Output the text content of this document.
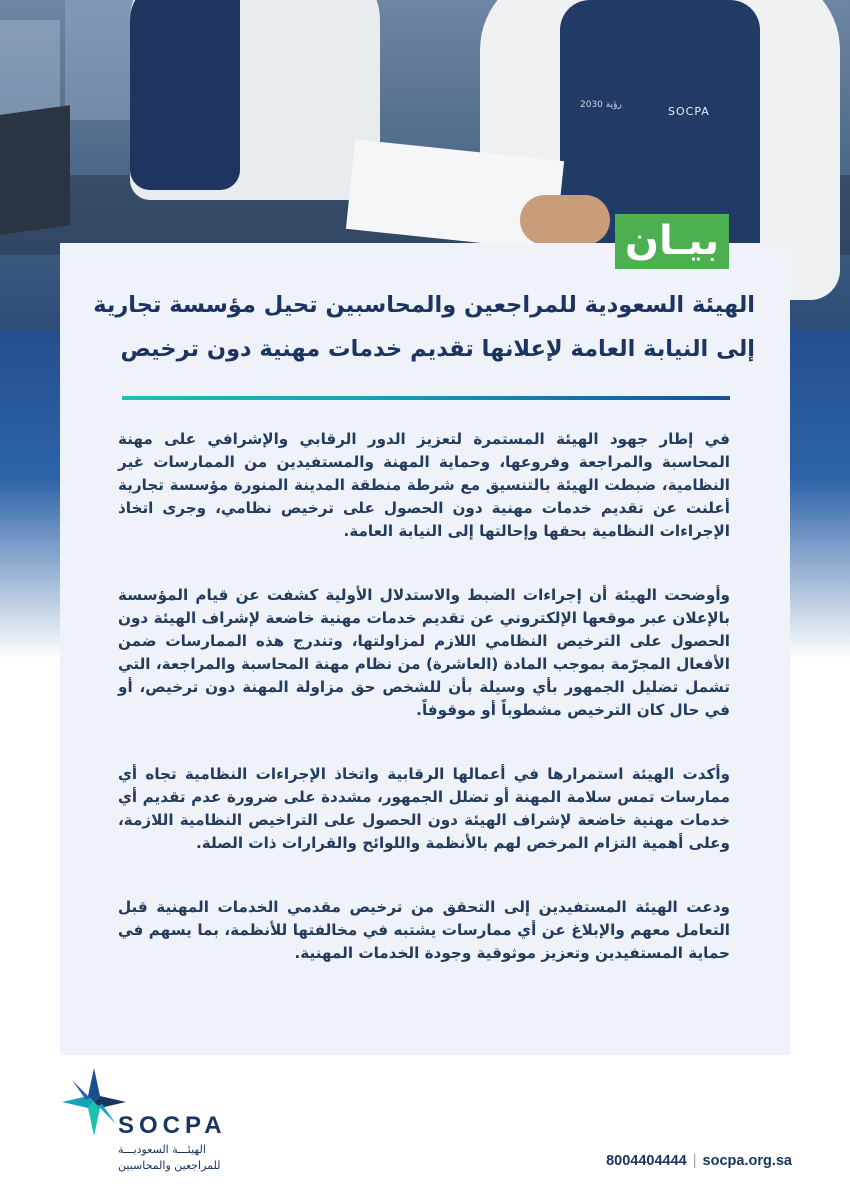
SOCPA
رؤية 2030
بيـان
الهيئة السعودية للمراجعين والمحاسبين تحيل مؤسسة تجارية
إلى النيابة العامة لإعلانها تقديم خدمات مهنية دون ترخيص

في إطار جهود الهيئة المستمرة لتعزيز الدور الرقابي والإشرافي على مهنة المحاسبة والمراجعة وفروعها، وحماية المهنة والمستفيدين من الممارسات غير النظامية، ضبطت الهيئة بالتنسيق مع شرطة منطقة المدينة المنورة مؤسسة تجارية أعلنت عن تقديم خدمات مهنية دون الحصول على ترخيص نظامي، وجرى اتخاذ الإجراءات النظامية بحقها وإحالتها إلى النيابة العامة.

وأوضحت الهيئة أن إجراءات الضبط والاستدلال الأولية كشفت عن قيام المؤسسة بالإعلان عبر موقعها الإلكتروني عن تقديم خدمات مهنية خاضعة لإشراف الهيئة دون الحصول على الترخيص النظامي اللازم لمزاولتها، وتندرج هذه الممارسات ضمن الأفعال المجرّمة بموجب المادة (العاشرة) من نظام مهنة المحاسبة والمراجعة، التي تشمل تضليل الجمهور بأي وسيلة بأن للشخص حق مزاولة المهنة دون ترخيص، أو في حال كان الترخيص مشطوباً أو موقوفاً.

وأكدت الهيئة استمرارها في أعمالها الرقابية واتخاذ الإجراءات النظامية تجاه أي ممارسات تمس سلامة المهنة أو تضلل الجمهور، مشددة على ضرورة عدم تقديم أي خدمات مهنية خاضعة لإشراف الهيئة دون الحصول على التراخيص النظامية اللازمة، وعلى أهمية التزام المرخص لهم بالأنظمة واللوائح والقرارات ذات الصلة.

ودعت الهيئة المستفيدين إلى التحقق من ترخيص مقدمي الخدمات المهنية قبل التعامل معهم والإبلاغ عن أي ممارسات يشتبه في مخالفتها للأنظمة، بما يسهم في حماية المستفيدين وتعزيز موثوقية وجودة الخدمات المهنية.

SOCPA
الهيئـــة السعوديـــة
للمراجعين والمحاسبين	8004404444 | socpa.org.sa
